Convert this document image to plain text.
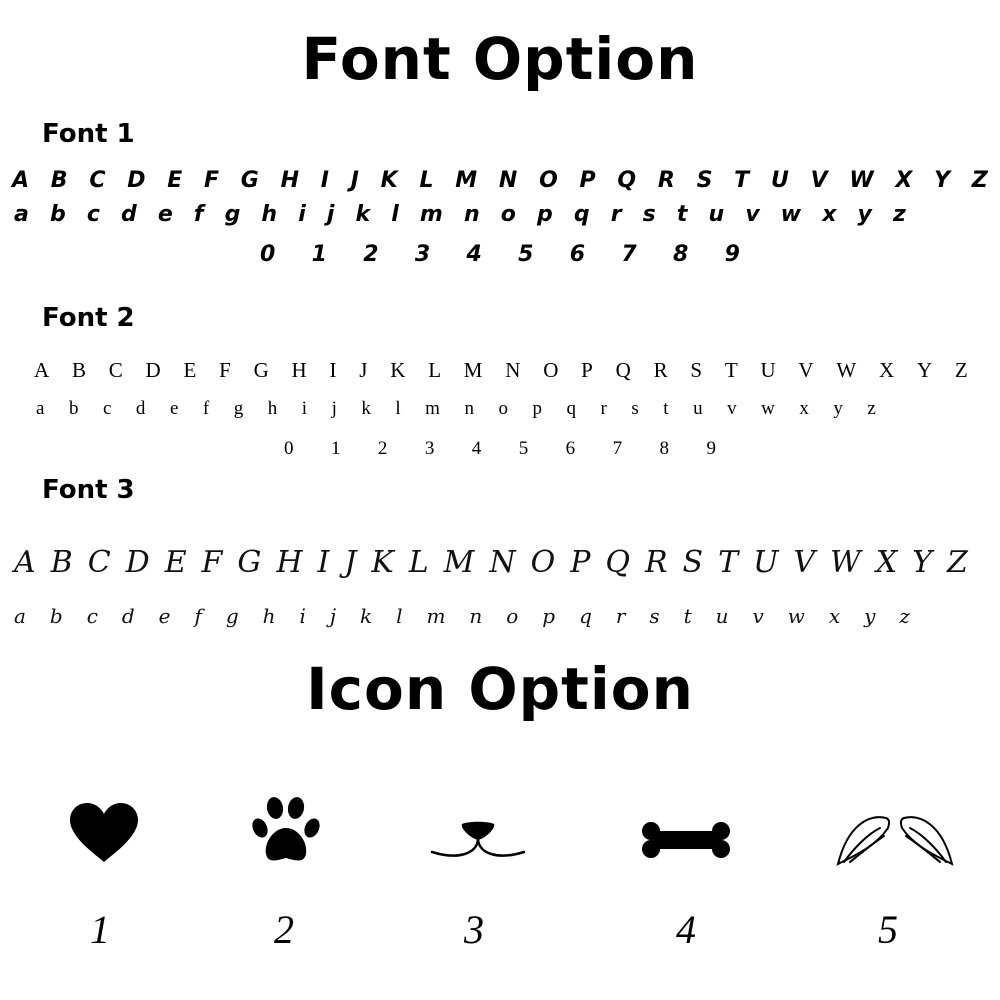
Font Option
Icon Option
Font 1
Font 2
Font 3
A B C D E F G H I J K L M N O P Q R S T U V W X Y Z
a b c d e f g h i j k l m n o p q r s t u v w x y z
0 1 2 3 4 5 6 7 8 9
A B C D E F G H I J K L M N O P Q R S T U V W X Y Z
a b c d e f g h i j k l m n o p q r s t u v w x y z
0 1 2 3 4 5 6 7 8 9
A B C D E F G H I J K L M N O P Q R S T U V W X Y Z
a b c d e f g h i j k l m n o p q r s t u v w x y z
1	2	3	4	5
